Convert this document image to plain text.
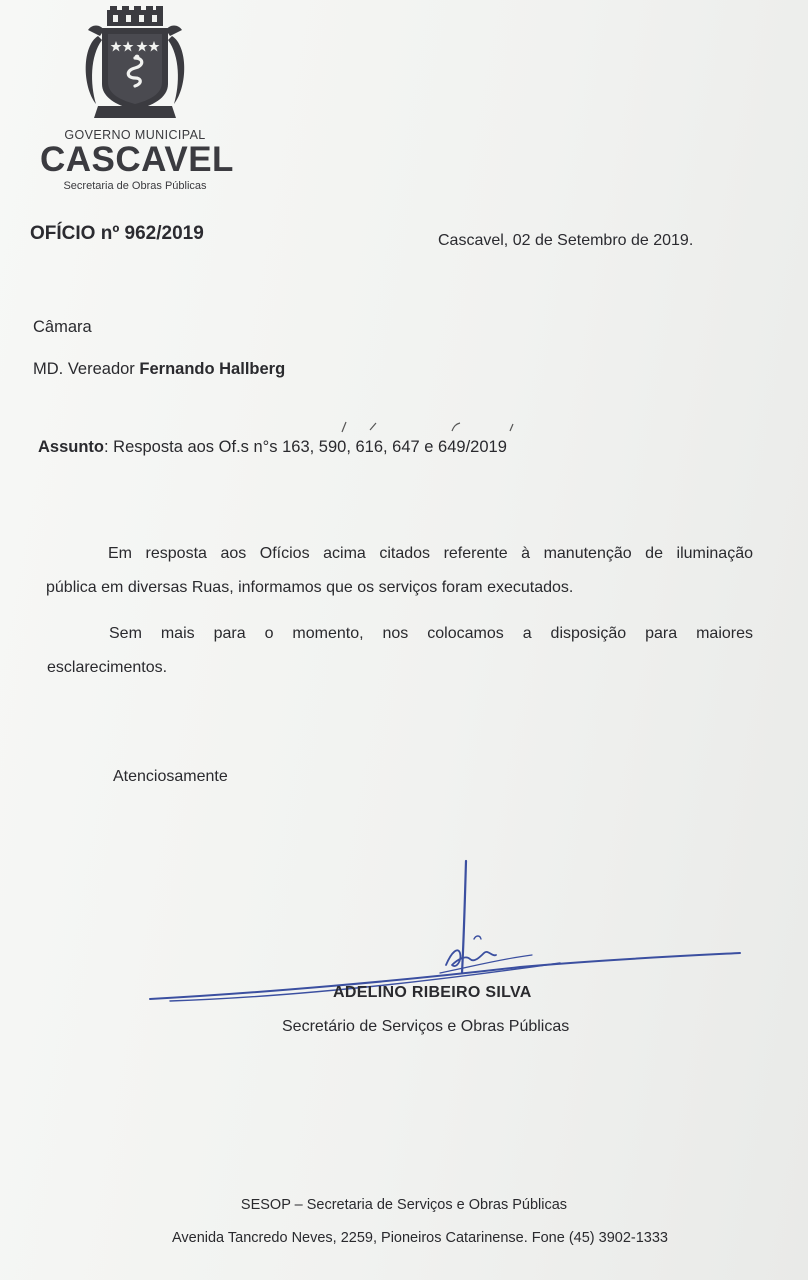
GOVERNO MUNICIPAL
CASCAVEL
Secretaria de Obras Públicas
OFÍCIO nº 962/2019	Cascavel, 02 de Setembro de 2019.
Câmara
MD. Vereador Fernando Hallberg
Assunto: Resposta aos Of.s n°s 163, 590, 616, 647 e 649/2019
Em resposta aos Ofícios acima citados referente à manutenção de iluminação
pública em diversas Ruas, informamos que os serviços foram executados.
Sem mais para o momento, nos colocamos a disposição para maiores
esclarecimentos.
Atenciosamente
ADELINO RIBEIRO SILVA
Secretário de Serviços e Obras Públicas
SESOP – Secretaria de Serviços e Obras Públicas
Avenida Tancredo Neves, 2259, Pioneiros Catarinense. Fone (45) 3902-1333
